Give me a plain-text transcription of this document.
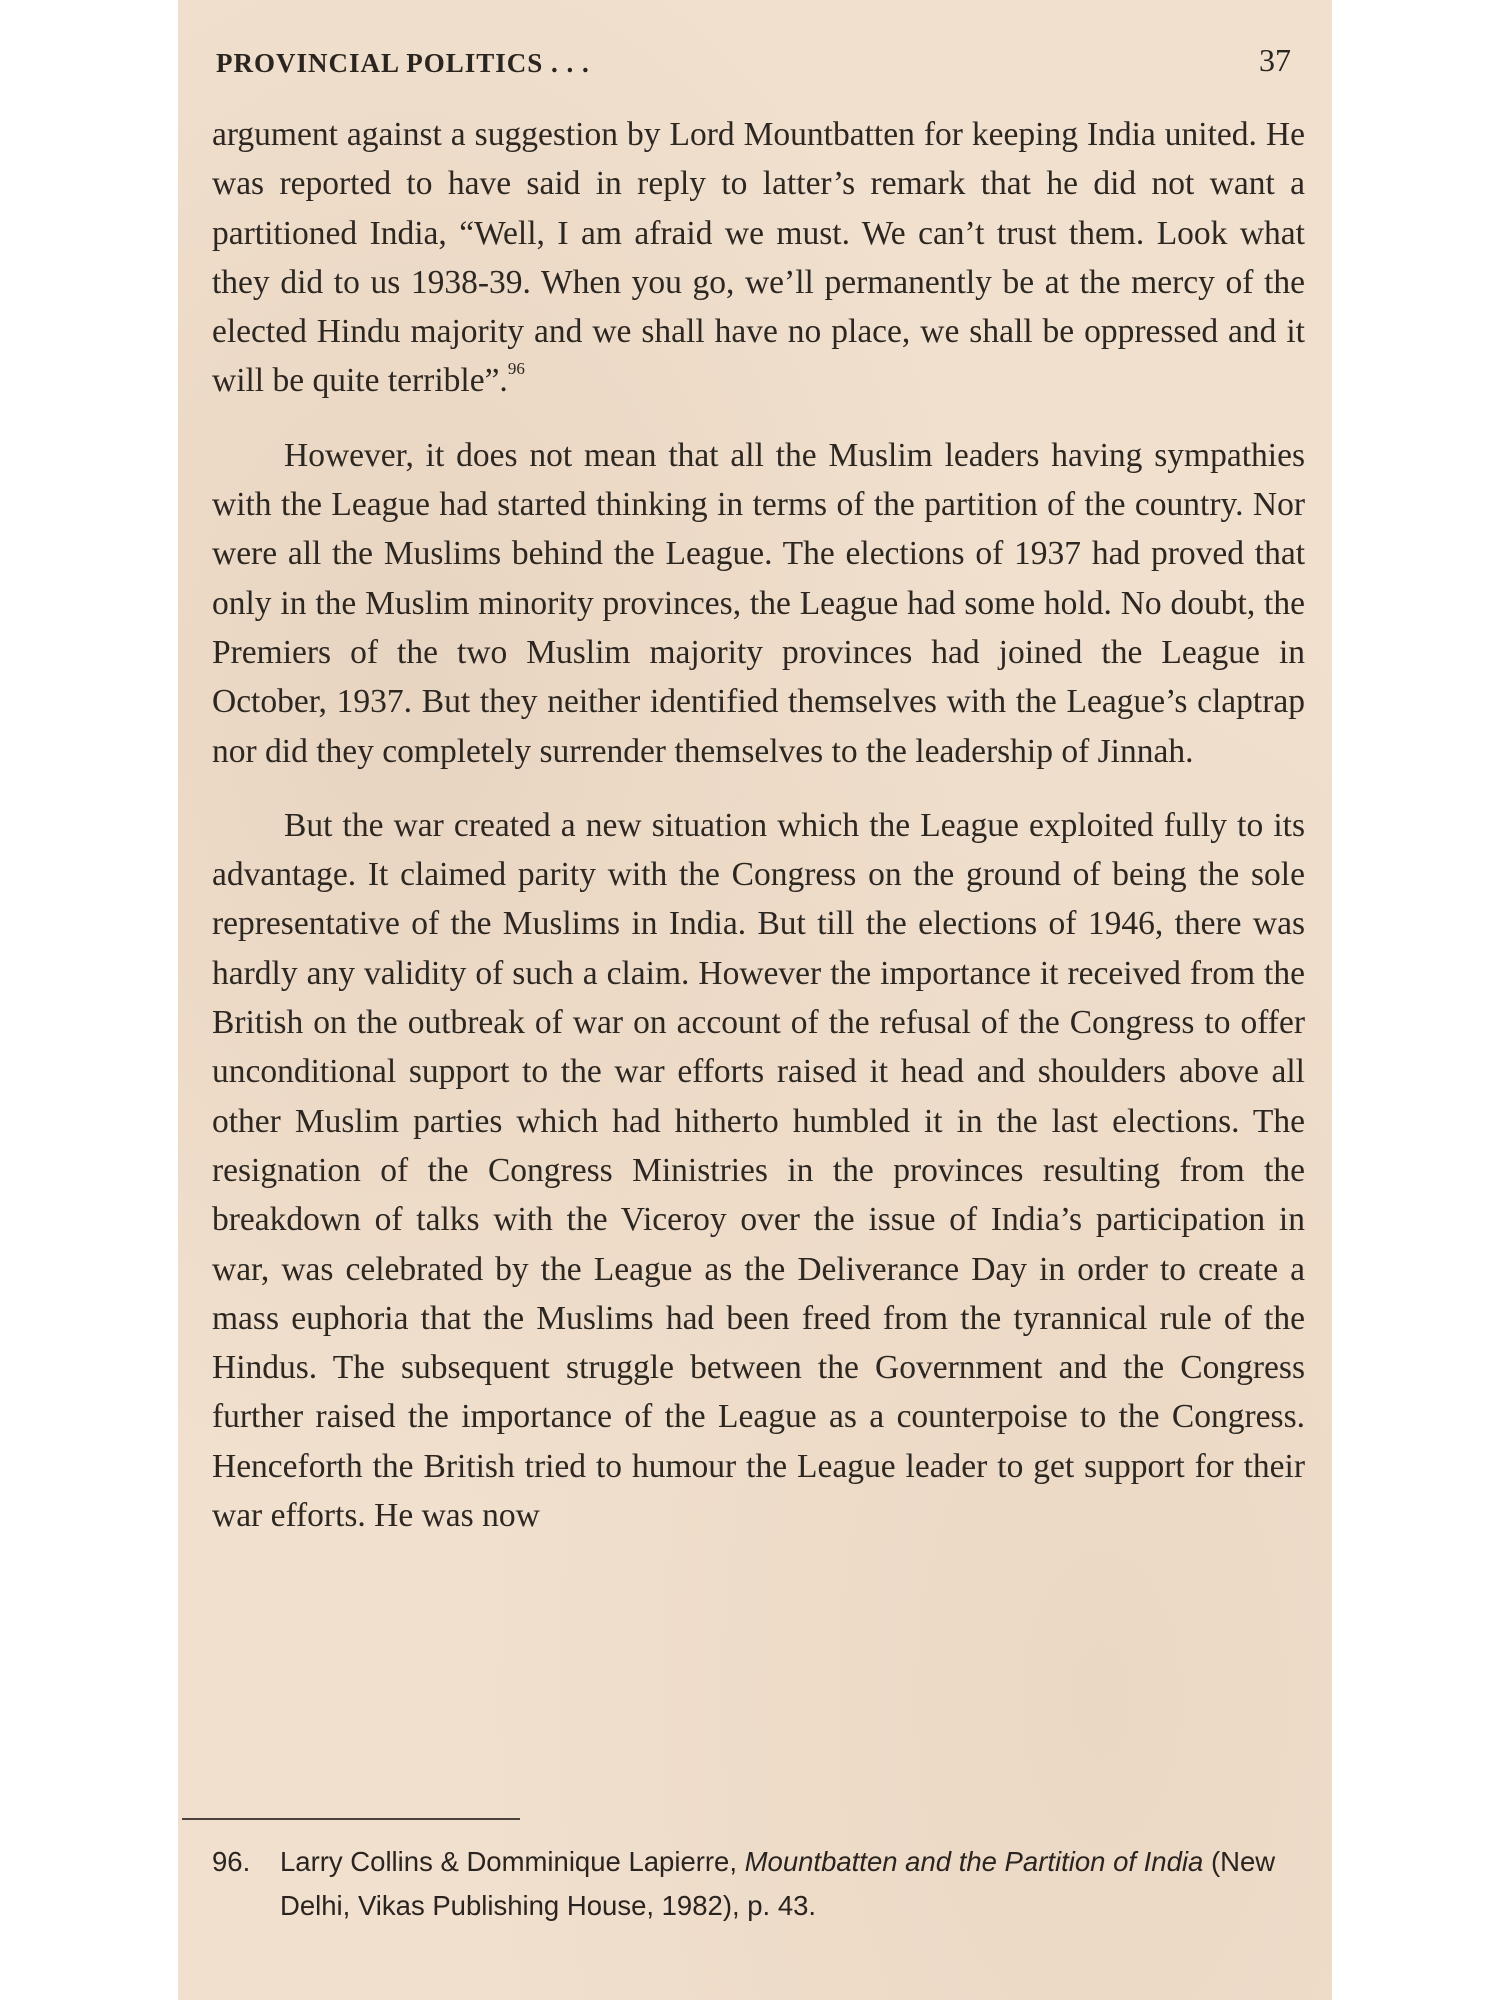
PROVINCIAL POLITICS . . .	37

argument against a suggestion by Lord Mountbatten for keeping India united. He was reported to have said in reply to latter’s remark that he did not want a partitioned India, “Well, I am afraid we must. We can’t trust them. Look what they did to us 1938-39. When you go, we’ll permanently be at the mercy of the elected Hindu majority and we shall have no place, we shall be oppressed and it will be quite terrible”.$^{96}$

However, it does not mean that all the Muslim leaders having sympathies with the League had started thinking in terms of the partition of the country. Nor were all the Muslims behind the League. The elections of 1937 had proved that only in the Muslim minority provinces, the League had some hold. No doubt, the Premiers of the two Muslim majority provinces had joined the League in October, 1937. But they neither identified themselves with the League’s claptrap nor did they completely surrender themselves to the leadership of Jinnah.

But the war created a new situation which the League exploited fully to its advantage. It claimed parity with the Congress on the ground of being the sole representative of the Muslims in India. But till the elections of 1946, there was hardly any validity of such a claim. However the importance it received from the British on the outbreak of war on account of the refusal of the Congress to offer unconditional support to the war efforts raised it head and shoulders above all other Muslim parties which had hitherto humbled it in the last elections. The resignation of the Congress Ministries in the provinces resulting from the breakdown of talks with the Viceroy over the issue of India’s participation in war, was celebrated by the League as the Deliverance Day in order to create a mass euphoria that the Muslims had been freed from the tyrannical rule of the Hindus. The subsequent struggle between the Government and the Congress further raised the importance of the League as a counterpoise to the Congress. Henceforth the British tried to humour the League leader to get support for their war efforts. He was now

96. Larry Collins & Domminique Lapierre, Mountbatten and the Partition of India (New Delhi, Vikas Publishing House, 1982), p. 43.
